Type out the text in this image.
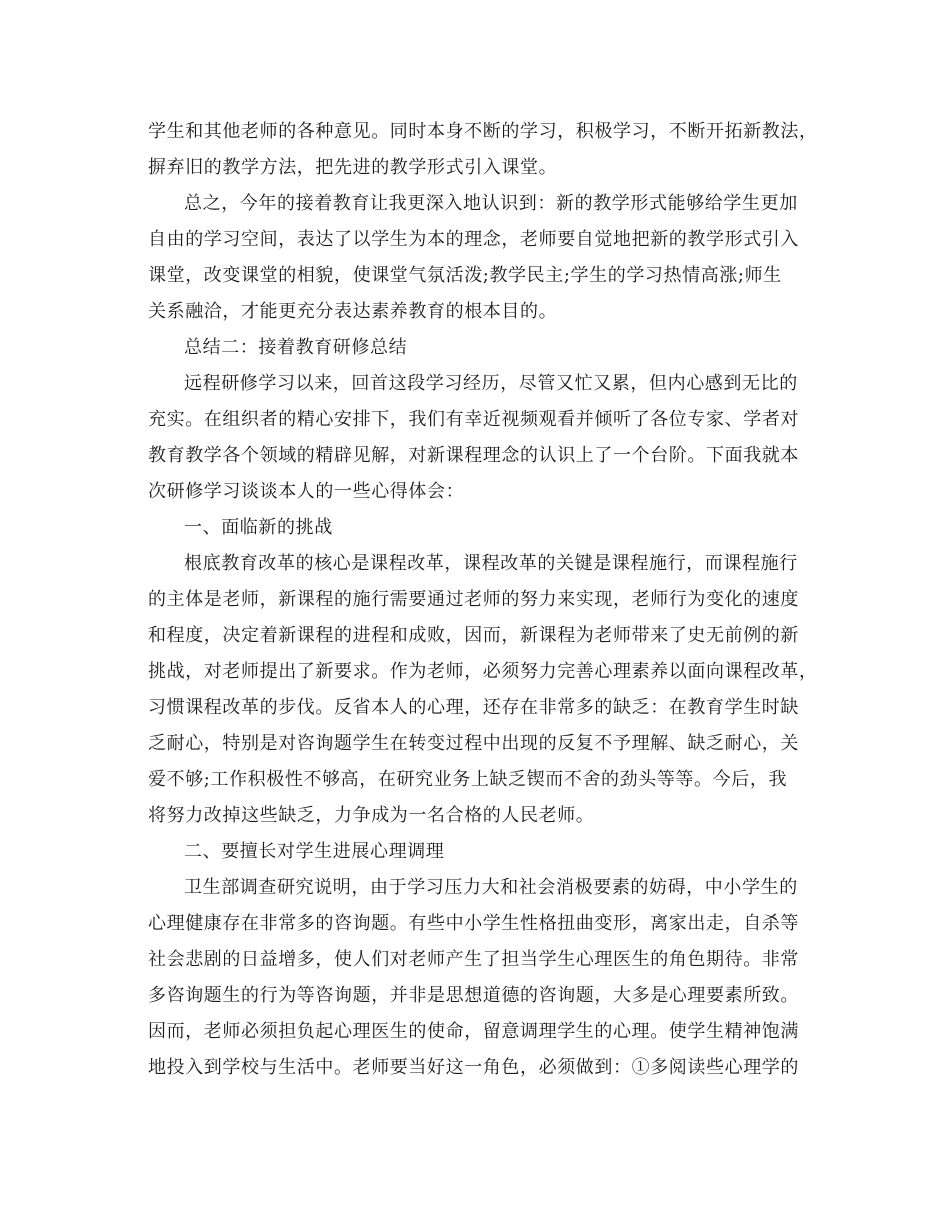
学生和其他老师的各种意见。同时本身不断的学习，积极学习，不断开拓新教法，
摒弃旧的教学方法，把先进的教学形式引入课堂。
总之，今年的接着教育让我更深入地认识到：新的教学形式能够给学生更加
自由的学习空间，表达了以学生为本的理念，老师要自觉地把新的教学形式引入
课堂，改变课堂的相貌，使课堂气氛活泼;教学民主;学生的学习热情高涨;师生
关系融洽，才能更充分表达素养教育的根本目的。
总结二：接着教育研修总结
远程研修学习以来，回首这段学习经历，尽管又忙又累，但内心感到无比的
充实。在组织者的精心安排下，我们有幸近视频观看并倾听了各位专家、学者对
教育教学各个领域的精辟见解，对新课程理念的认识上了一个台阶。下面我就本
次研修学习谈谈本人的一些心得体会：
一、面临新的挑战
根底教育改革的核心是课程改革，课程改革的关键是课程施行，而课程施行
的主体是老师，新课程的施行需要通过老师的努力来实现，老师行为变化的速度
和程度，决定着新课程的进程和成败，因而，新课程为老师带来了史无前例的新
挑战，对老师提出了新要求。作为老师，必须努力完善心理素养以面向课程改革，
习惯课程改革的步伐。反省本人的心理，还存在非常多的缺乏：在教育学生时缺
乏耐心，特别是对咨询题学生在转变过程中出现的反复不予理解、缺乏耐心，关
爱不够;工作积极性不够高，在研究业务上缺乏锲而不舍的劲头等等。今后，我
将努力改掉这些缺乏，力争成为一名合格的人民老师。
二、要擅长对学生进展心理调理
卫生部调查研究说明，由于学习压力大和社会消极要素的妨碍，中小学生的
心理健康存在非常多的咨询题。有些中小学生性格扭曲变形，离家出走，自杀等
社会悲剧的日益增多，使人们对老师产生了担当学生心理医生的角色期待。非常
多咨询题生的行为等咨询题，并非是思想道德的咨询题，大多是心理要素所致。
因而，老师必须担负起心理医生的使命，留意调理学生的心理。使学生精神饱满
地投入到学校与生活中。老师要当好这一角色，必须做到：①多阅读些心理学的
